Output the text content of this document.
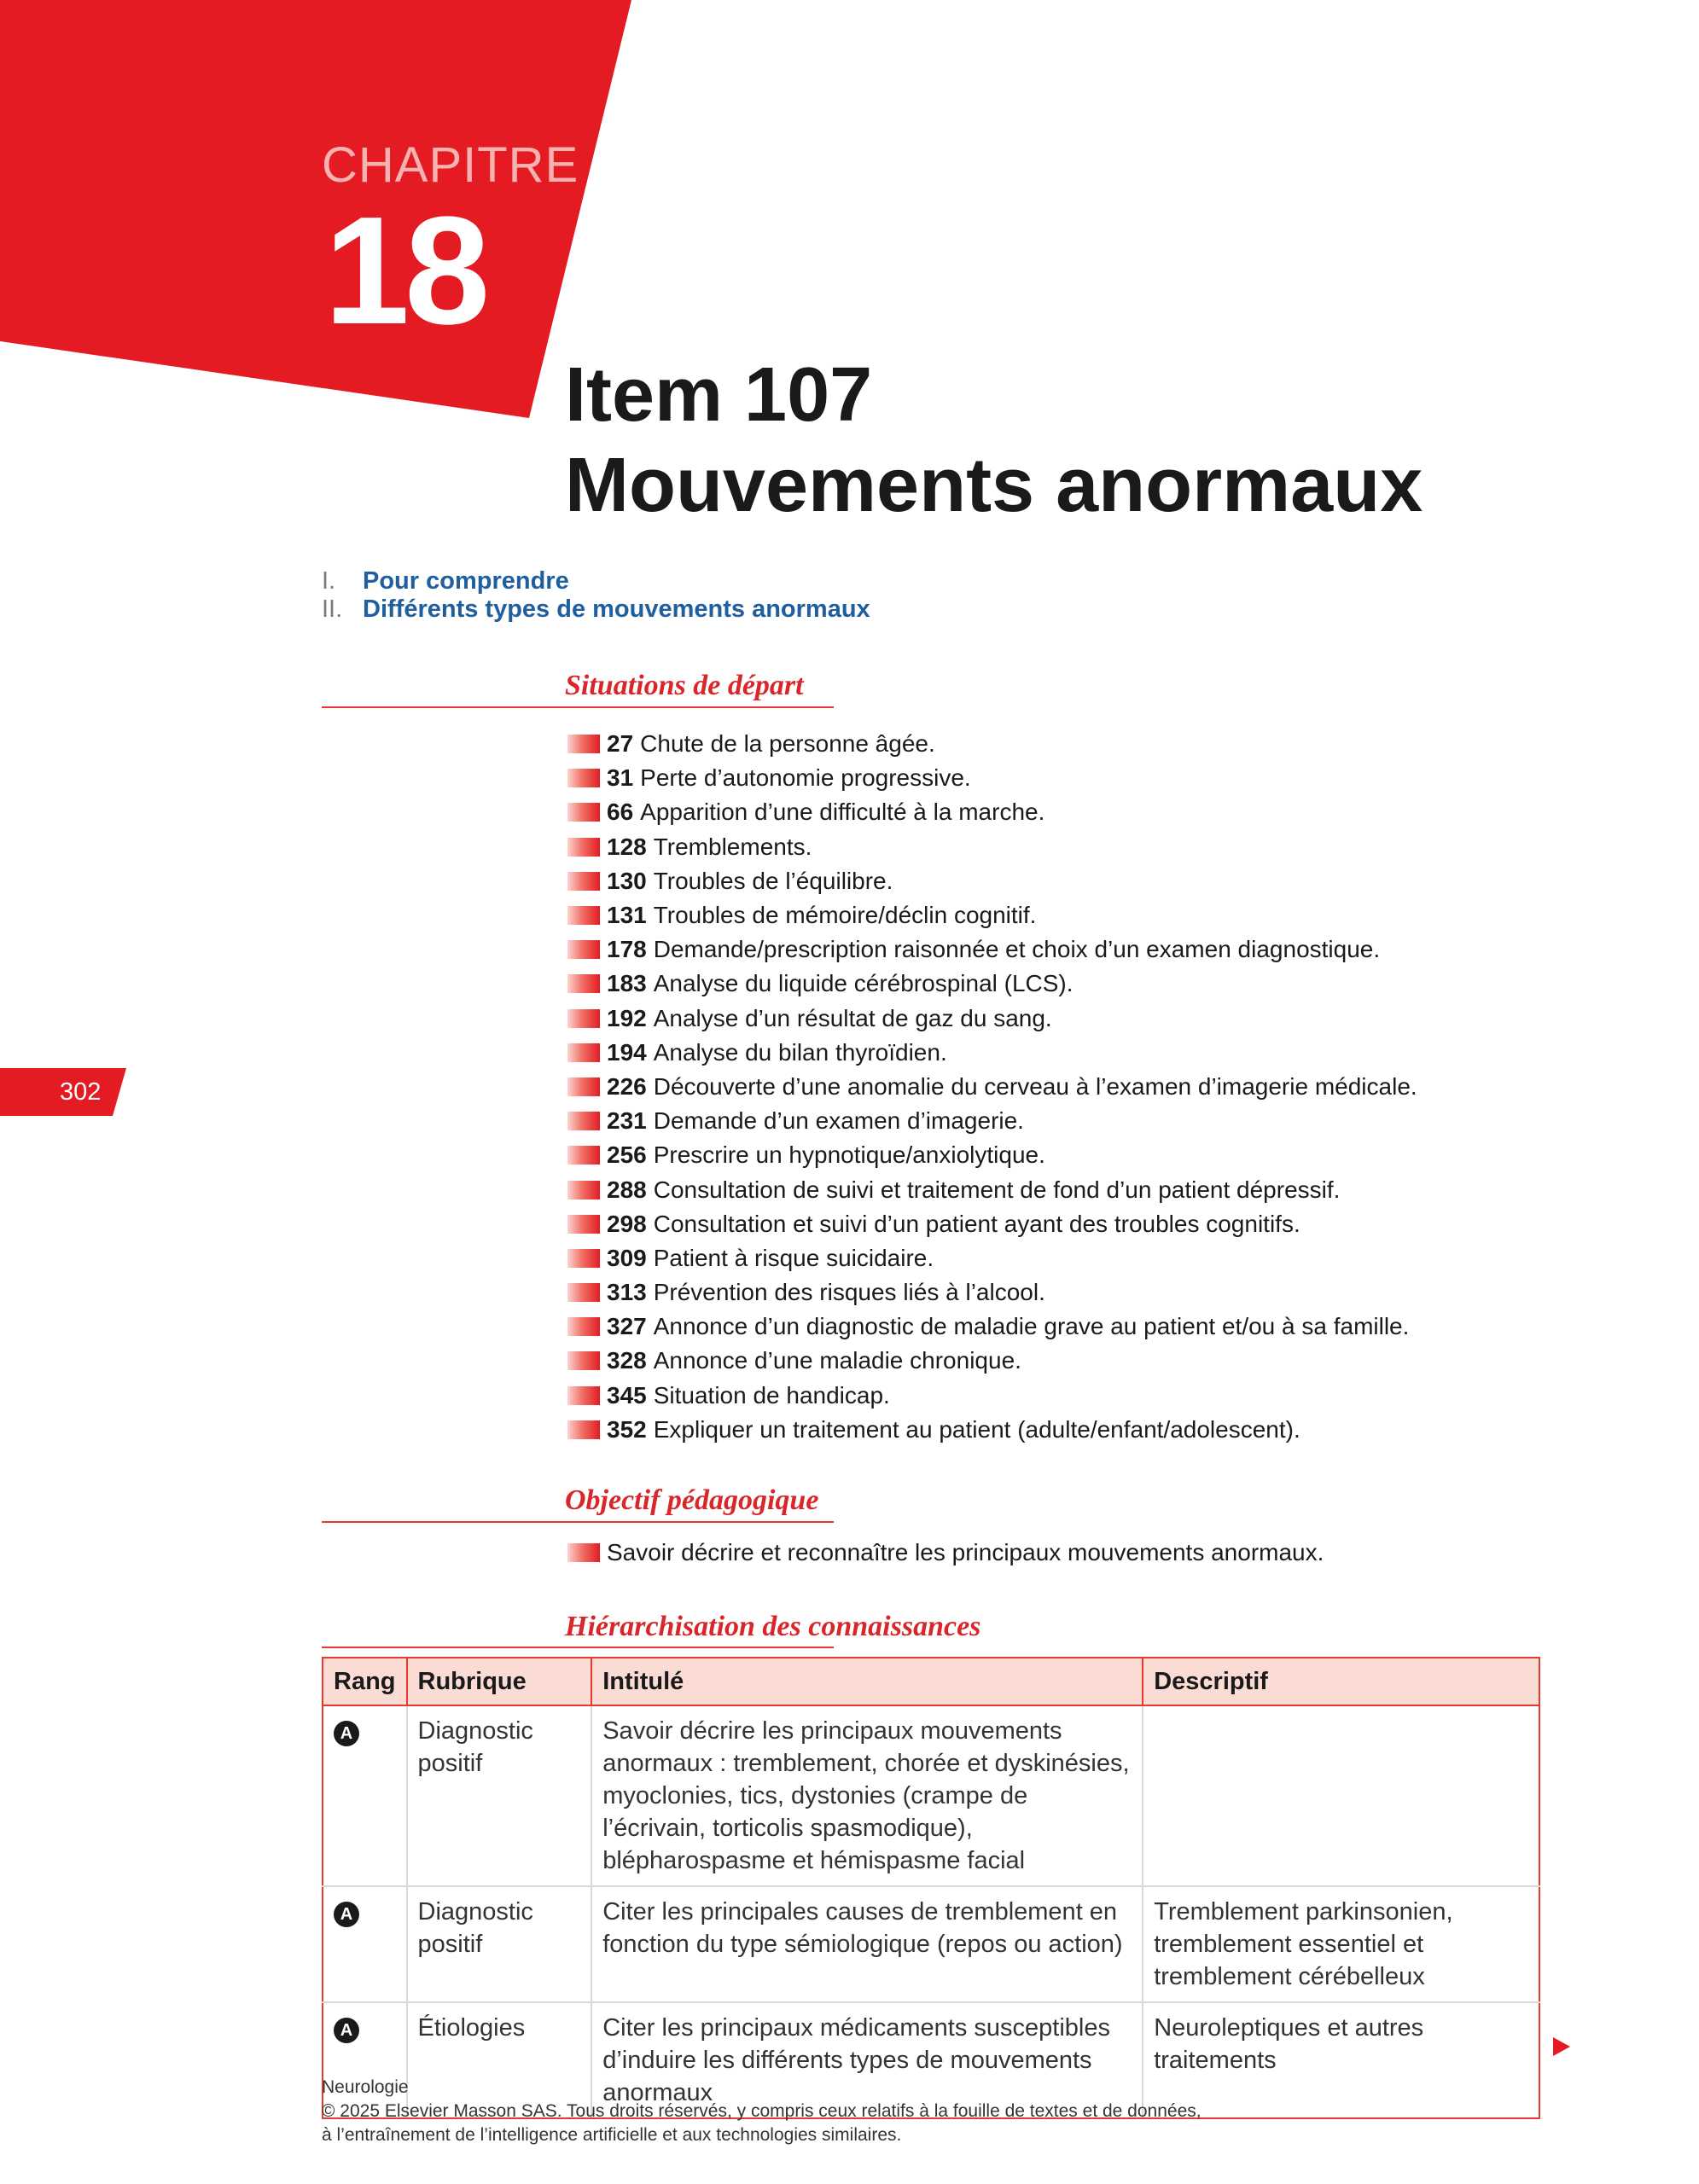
CHAPITRE
18
Item 107
Mouvements anormaux
I. Pour comprendre
II. Différents types de mouvements anormaux
Situations de départ
27 Chute de la personne âgée.
31 Perte d’autonomie progressive.
66 Apparition d’une difficulté à la marche.
128 Tremblements.
130 Troubles de l’équilibre.
131 Troubles de mémoire/déclin cognitif.
178 Demande/prescription raisonnée et choix d’un examen diagnostique.
183 Analyse du liquide cérébrospinal (LCS).
192 Analyse d’un résultat de gaz du sang.
194 Analyse du bilan thyroïdien.
226 Découverte d’une anomalie du cerveau à l’examen d’imagerie médicale.
231 Demande d’un examen d’imagerie.
256 Prescrire un hypnotique/anxiolytique.
288 Consultation de suivi et traitement de fond d’un patient dépressif.
298 Consultation et suivi d’un patient ayant des troubles cognitifs.
309 Patient à risque suicidaire.
313 Prévention des risques liés à l’alcool.
327 Annonce d’un diagnostic de maladie grave au patient et/ou à sa famille.
328 Annonce d’une maladie chronique.
345 Situation de handicap.
352 Expliquer un traitement au patient (adulte/enfant/adolescent).
Objectif pédagogique
Savoir décrire et reconnaître les principaux mouvements anormaux.
Hiérarchisation des connaissances
Rang	Rubrique	Intitulé	Descriptif
A	Diagnostic positif	Savoir décrire les principaux mouvements anormaux : tremblement, chorée et dyskinésies, myoclonies, tics, dystonies (crampe de l’écrivain, torticolis spasmodique), blépharospasme et hémispasme facial	
A	Diagnostic positif	Citer les principales causes de tremblement en fonction du type sémiologique (repos ou action)	Tremblement parkinsonien, tremblement essentiel et tremblement cérébelleux
A	Étiologies	Citer les principaux médicaments susceptibles d’induire les différents types de mouvements anormaux	Neuroleptiques et autres traitements
302
Neurologie
© 2025 Elsevier Masson SAS. Tous droits réservés, y compris ceux relatifs à la fouille de textes et de données,
à l’entraînement de l’intelligence artificielle et aux technologies similaires.
